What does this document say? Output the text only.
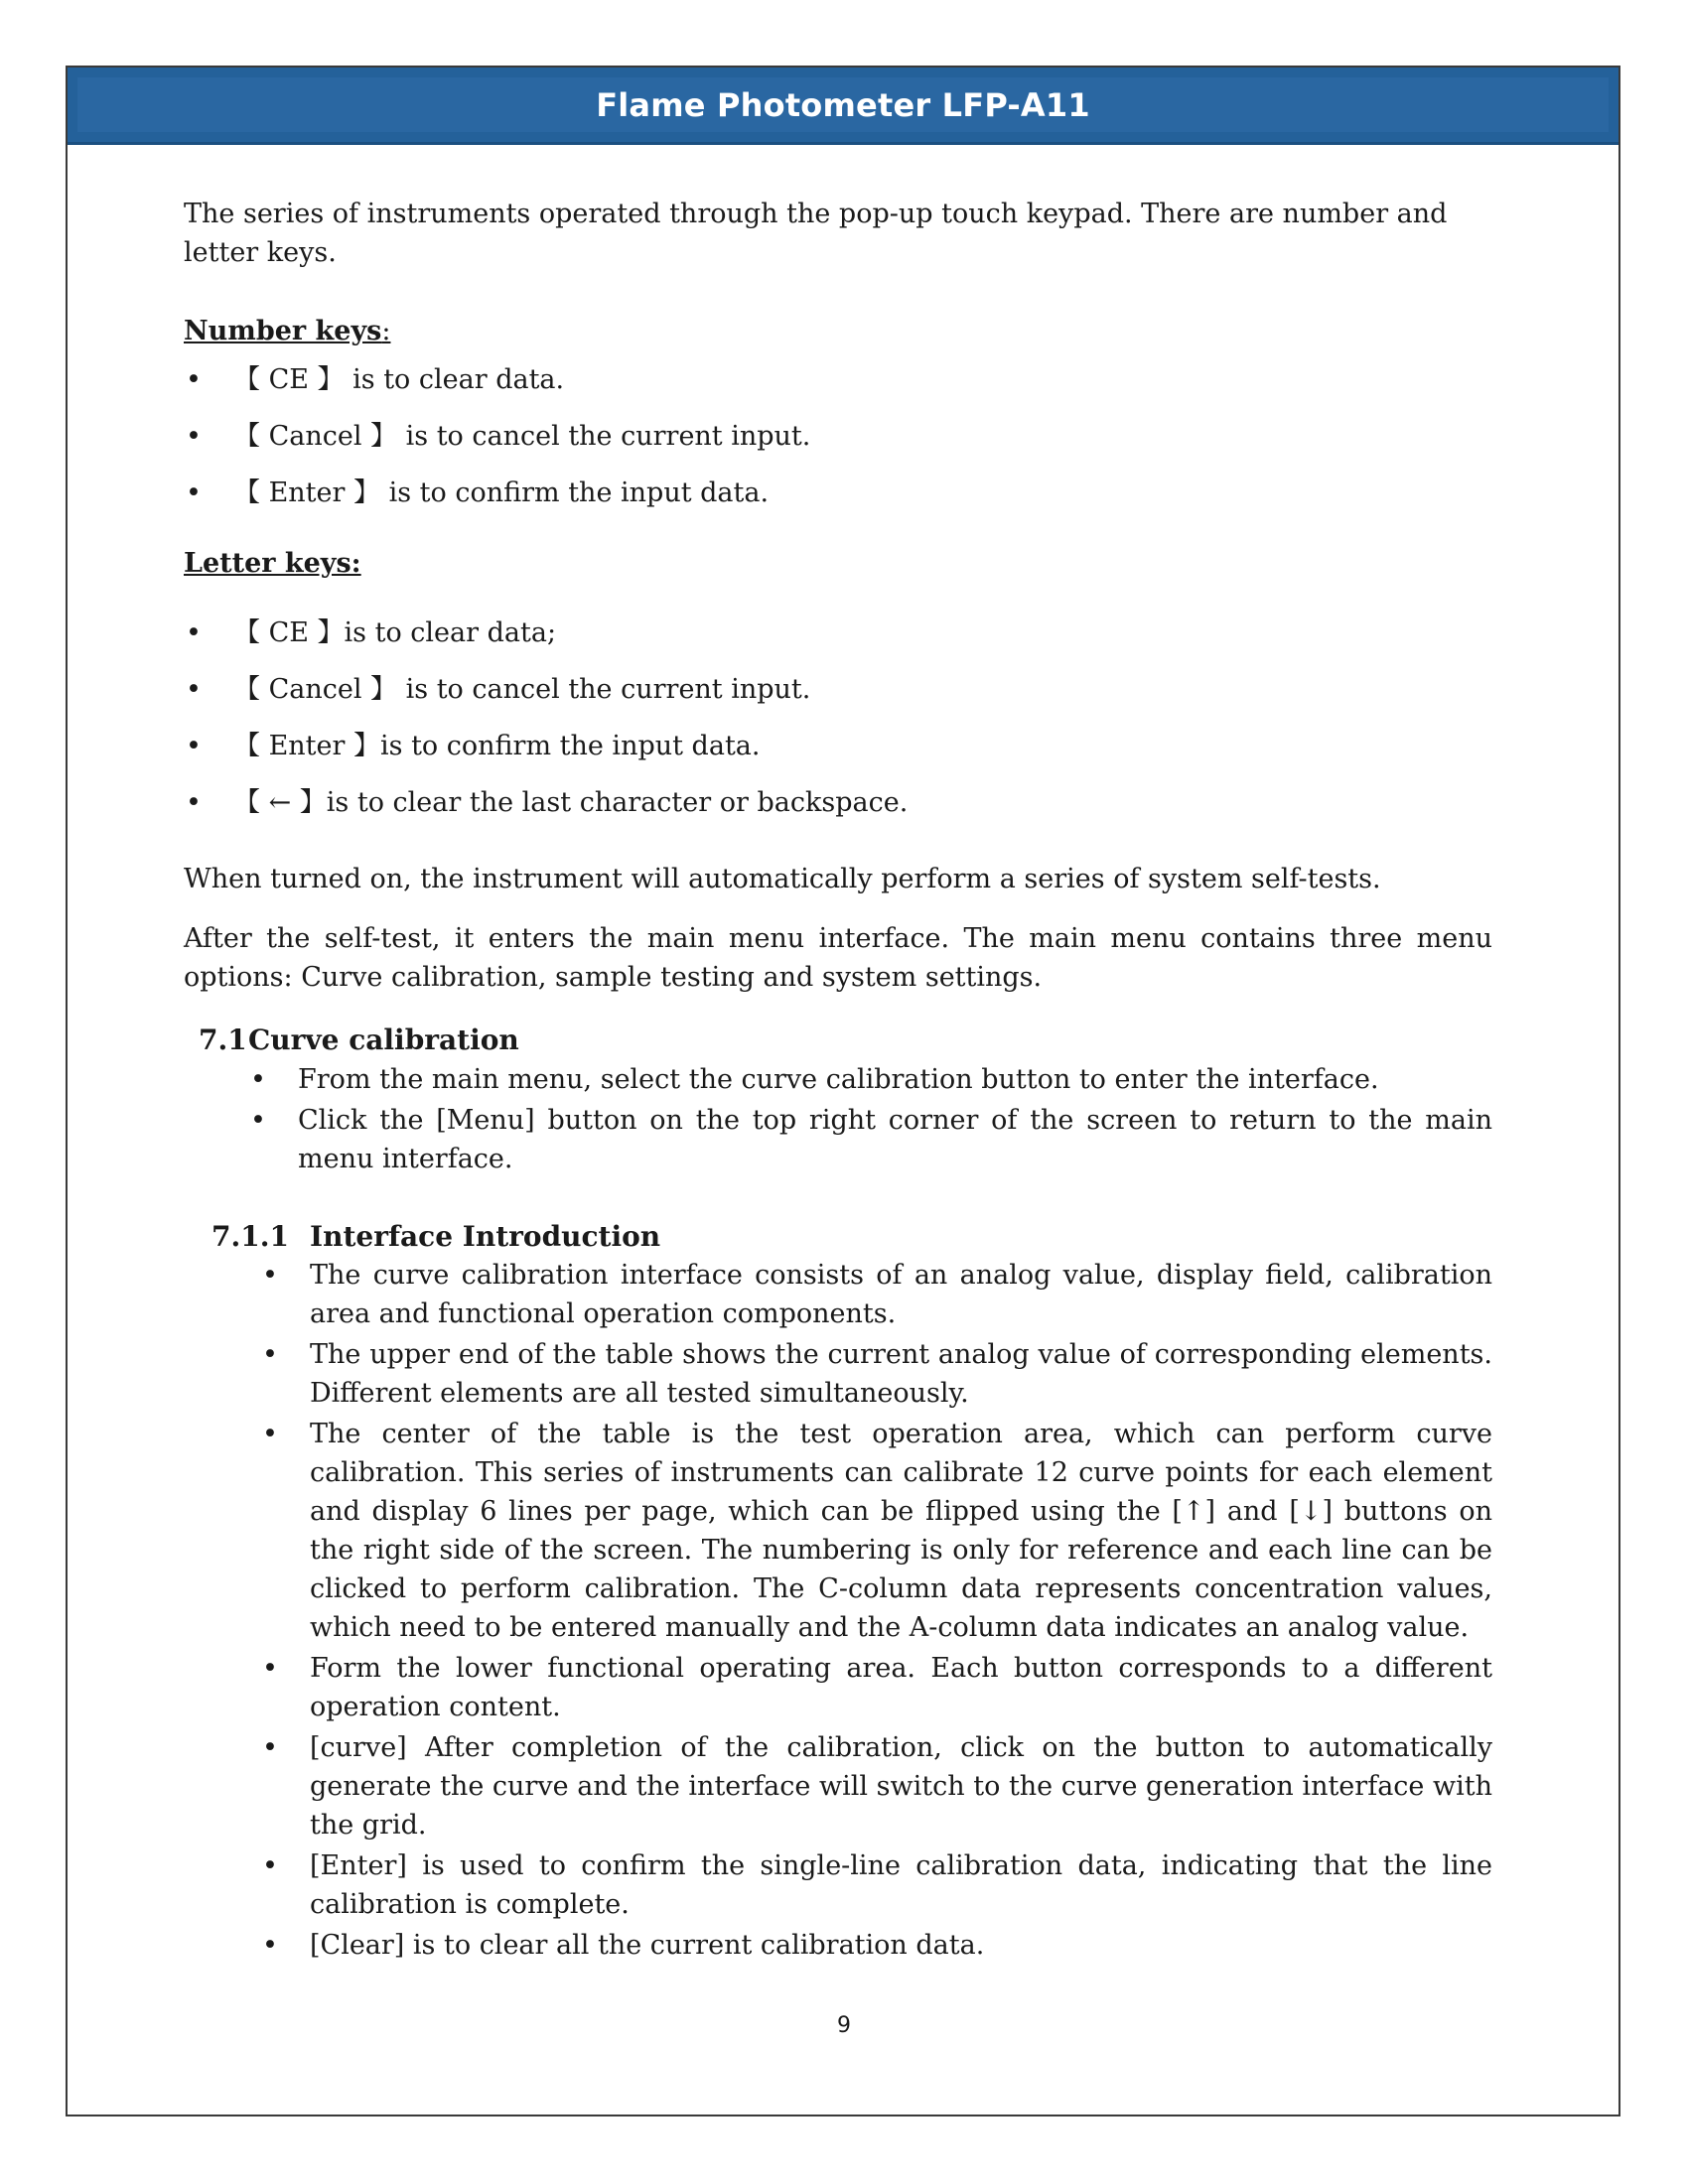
Flame Photometer LFP-A11

The series of instruments operated through the pop-up touch keypad. There are number and letter keys.

Number keys:
• 【 CE 】 is to clear data.
• 【 Cancel 】 is to cancel the current input.
• 【 Enter 】 is to confirm the input data.
Letter keys:
• 【 CE 】is to clear data;
• 【 Cancel 】 is to cancel the current input.
• 【 Enter 】is to confirm the input data.
• 【 ← 】is to clear the last character or backspace.

When turned on, the instrument will automatically perform a series of system self-tests.

After the self-test, it enters the main menu interface. The main menu contains three menu options: Curve calibration, sample testing and system settings.

7.1 Curve calibration
• From the main menu, select the curve calibration button to enter the interface.
• Click the [Menu] button on the top right corner of the screen to return to the main menu interface.
7.1.1 Interface Introduction
• The curve calibration interface consists of an analog value, display field, calibration area and functional operation components.
• The upper end of the table shows the current analog value of corresponding elements. Different elements are all tested simultaneously.
• The center of the table is the test operation area, which can perform curve calibration. This series of instruments can calibrate 12 curve points for each element and display 6 lines per page, which can be flipped using the [↑] and [↓] buttons on the right side of the screen. The numbering is only for reference and each line can be clicked to perform calibration. The C-column data represents concentration values, which need to be entered manually and the A-column data indicates an analog value.
• Form the lower functional operating area. Each button corresponds to a different operation content.
• [curve] After completion of the calibration, click on the button to automatically generate the curve and the interface will switch to the curve generation interface with the grid.
• [Enter] is used to confirm the single-line calibration data, indicating that the line calibration is complete.
• [Clear] is to clear all the current calibration data.
9
